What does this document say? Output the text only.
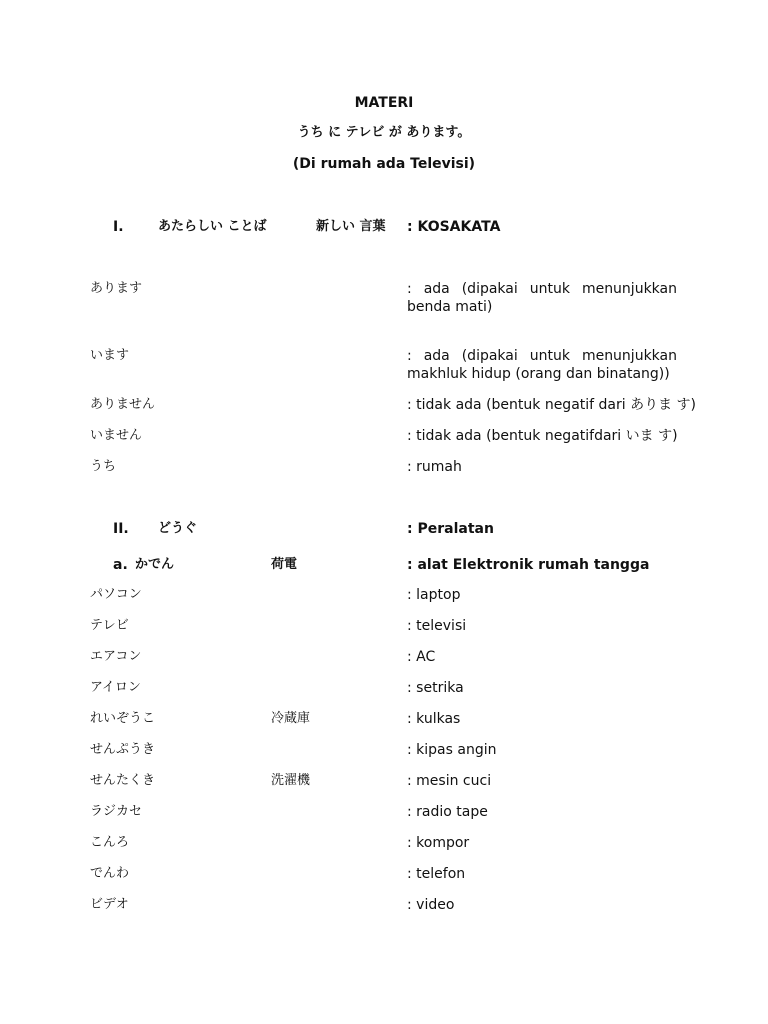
MATERI
うち に テレビ が あります。
(Di rumah ada Televisi)
I.	あたらしい ことば	新しい 言葉 : KOSAKATA
あります	: ada (dipakai untuk menunjukkan
benda mati)
います	: ada (dipakai untuk menunjukkan
makhluk hidup (orang dan binatang))
ありません	: tidak ada (bentuk negatif dari ありま す)
いません	: tidak ada (bentuk negatifdari いま す)
うち	: rumah
II. どうぐ	: Peralatan
a. かでん	荷電	: alat Elektronik rumah tangga
パソコン	: laptop
テレビ	: televisi
エアコン	: AC
アイロン	: setrika
れいぞうこ	冷蔵庫	: kulkas
せんぷうき	: kipas angin
せんたくき	洗濯機	: mesin cuci
ラジカセ	: radio tape
こんろ	: kompor
でんわ	: telefon
ビデオ	: video
